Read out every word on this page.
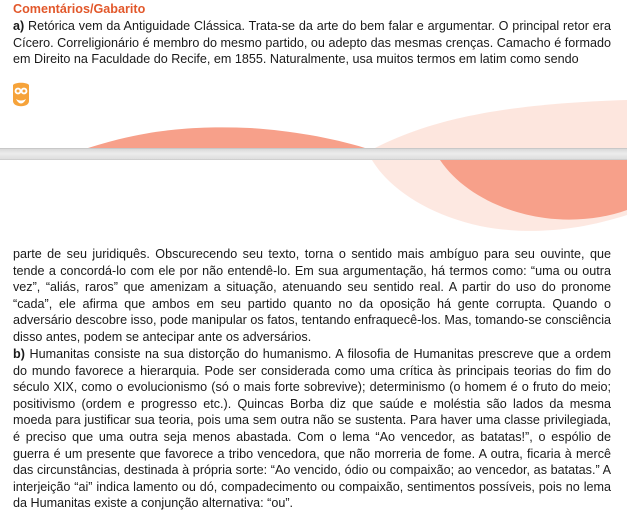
Comentários/Gabarito

a) Retórica vem da Antiguidade Clássica. Trata-se da arte do bem falar e argumentar. O principal retor era Cícero. Correligionário é membro do mesmo partido, ou adepto das mesmas crenças. Camacho é formado em Direito na Faculdade do Recife, em 1855. Naturalmente, usa muitos termos em latim como sendo

parte de seu juridiquês. Obscurecendo seu texto, torna o sentido mais ambíguo para seu ouvinte, que tende a concordá-lo com ele por não entendê-lo. Em sua argumentação, há termos como: “uma ou outra vez”, “aliás, raros” que amenizam a situação, atenuando seu sentido real. A partir do uso do pronome “cada”, ele afirma que ambos em seu partido quanto no da oposição há gente corrupta. Quando o adversário descobre isso, pode manipular os fatos, tentando enfraquecê-los. Mas, tomando-se consciência disso antes, podem se antecipar ante os adversários.

b) Humanitas consiste na sua distorção do humanismo. A filosofia de Humanitas prescreve que a ordem do mundo favorece a hierarquia. Pode ser considerada como uma crítica às principais teorias do fim do século XIX, como o evolucionismo (só o mais forte sobrevive); determinismo (o homem é o fruto do meio; positivismo (ordem e progresso etc.). Quincas Borba diz que saúde e moléstia são lados da mesma moeda para justificar sua teoria, pois uma sem outra não se sustenta. Para haver uma classe privilegiada, é preciso que uma outra seja menos abastada. Com o lema “Ao vencedor, as batatas!”, o espólio de guerra é um presente que favorece a tribo vencedora, que não morreria de fome. A outra, ficaria à mercê das circunstâncias, destinada à própria sorte: “Ao vencido, ódio ou compaixão; ao vencedor, as batatas.” A interjeição “ai” indica lamento ou dó, compadecimento ou compaixão, sentimentos possíveis, pois no lema da Humanitas existe a conjunção alternativa: “ou”.
